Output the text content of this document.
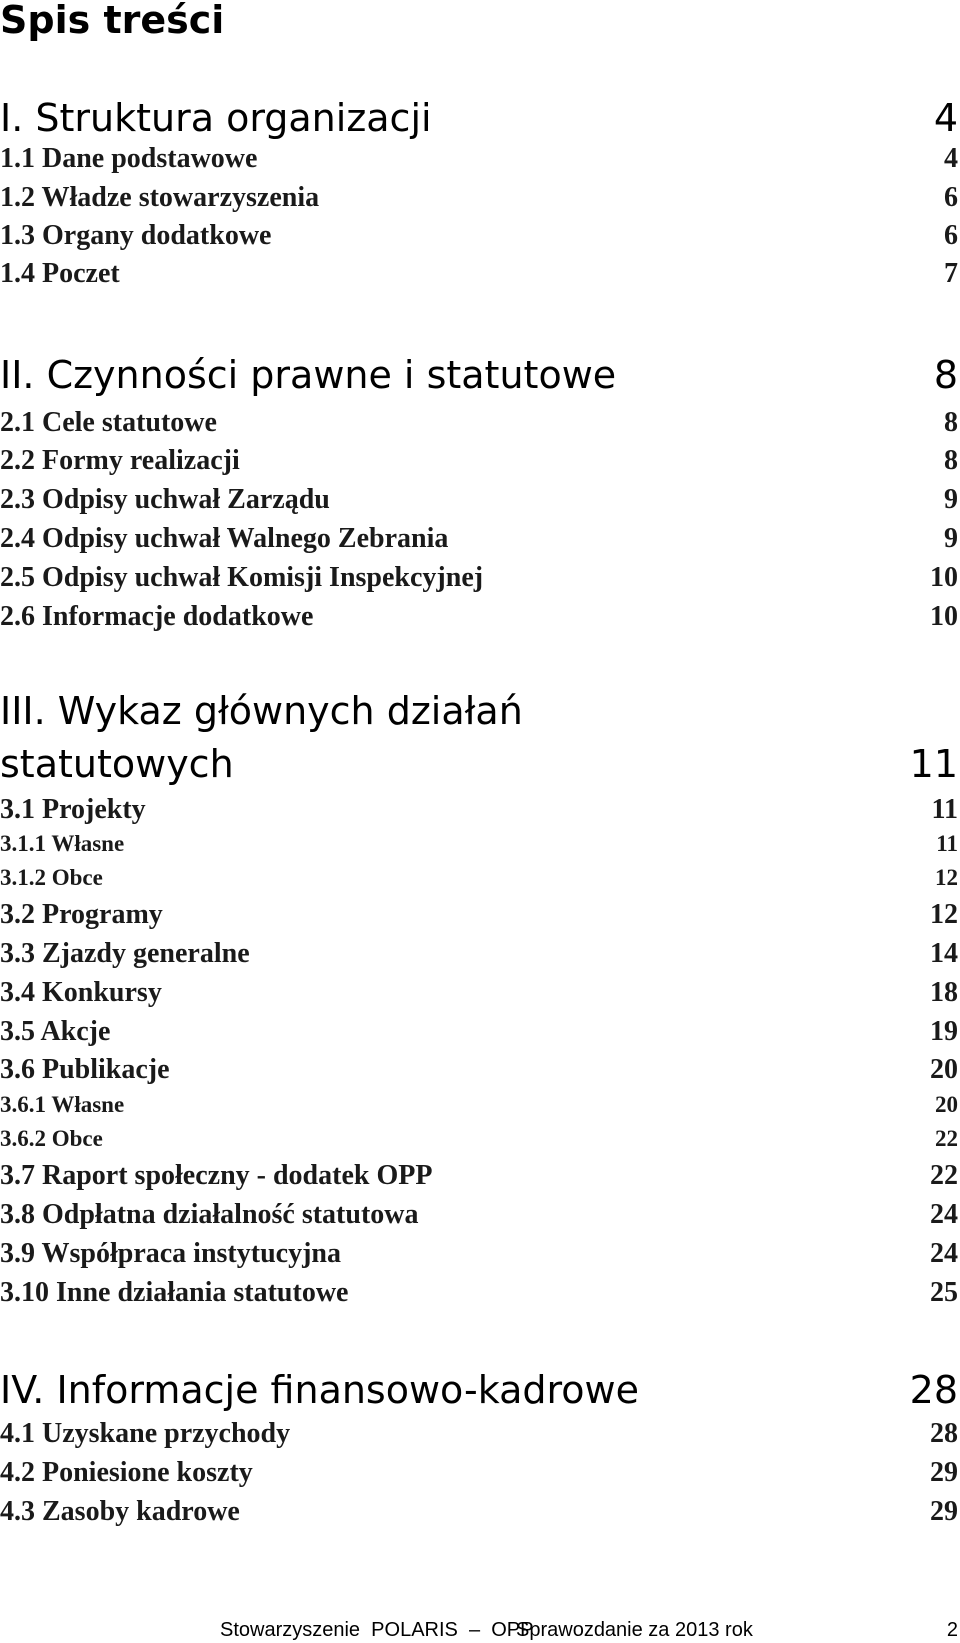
Spis treści
I. Struktura organizacji	4
1.1 Dane podstawowe	4
1.2 Władze stowarzyszenia	6
1.3 Organy dodatkowe	6
1.4 Poczet	7
II. Czynności prawne i statutowe	8
2.1 Cele statutowe	8
2.2 Formy realizacji	8
2.3 Odpisy uchwał Zarządu	9
2.4 Odpisy uchwał Walnego Zebrania	9
2.5 Odpisy uchwał Komisji Inspekcyjnej	10
2.6 Informacje dodatkowe	10
III. Wykaz głównych działań
statutowych	11
3.1 Projekty	11
3.1.1 Własne	11
3.1.2 Obce	12
3.2 Programy	12
3.3 Zjazdy generalne	14
3.4 Konkursy	18
3.5 Akcje	19
3.6 Publikacje	20
3.6.1 Własne	20
3.6.2 Obce	22
3.7 Raport społeczny - dodatek OPP	22
3.8 Odpłatna działalność statutowa	24
3.9 Współpraca instytucyjna	24
3.10 Inne działania statutowe	25
IV. Informacje finansowo-kadrowe	28
4.1 Uzyskane przychody	28
4.2 Poniesione koszty	29
4.3 Zasoby kadrowe	29
Stowarzyszenie  POLARIS  –  OPP
Sprawozdanie za 2013 rok	2
